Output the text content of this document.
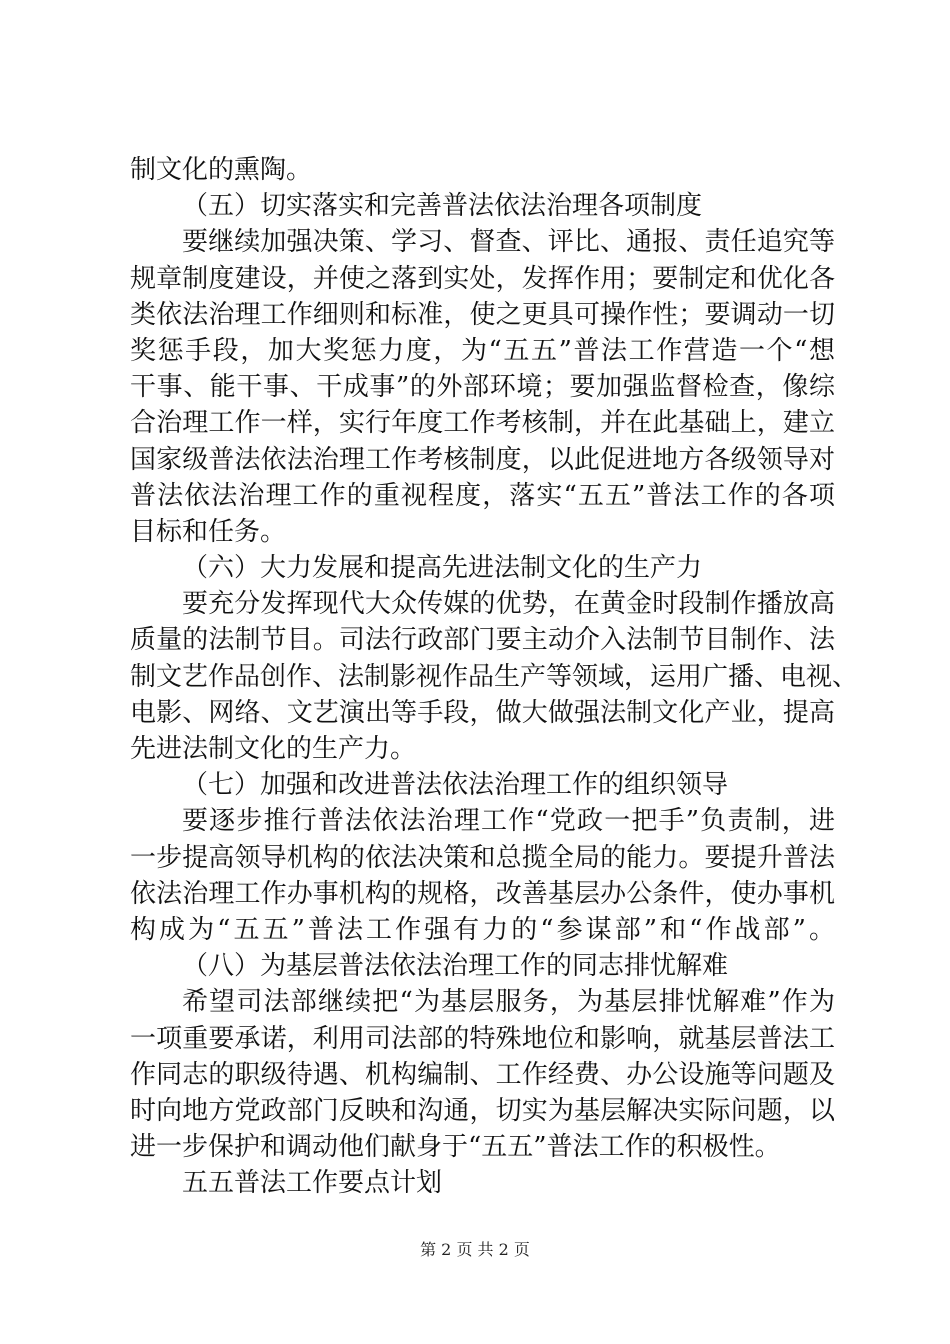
制文化的熏陶。
（五）切实落实和完善普法依法治理各项制度
要继续加强决策、学习、督查、评比、通报、责任追究等
规章制度建设，并使之落到实处，发挥作用；要制定和优化各
类依法治理工作细则和标准，使之更具可操作性；要调动一切
奖惩手段，加大奖惩力度，为“五五”普法工作营造一个“想
干事、能干事、干成事”的外部环境；要加强监督检查，像综
合治理工作一样，实行年度工作考核制，并在此基础上，建立
国家级普法依法治理工作考核制度，以此促进地方各级领导对
普法依法治理工作的重视程度，落实“五五”普法工作的各项
目标和任务。
（六）大力发展和提高先进法制文化的生产力
要充分发挥现代大众传媒的优势，在黄金时段制作播放高
质量的法制节目。司法行政部门要主动介入法制节目制作、法
制文艺作品创作、法制影视作品生产等领域，运用广播、电视、
电影、网络、文艺演出等手段，做大做强法制文化产业，提高
先进法制文化的生产力。
（七）加强和改进普法依法治理工作的组织领导
要逐步推行普法依法治理工作“党政一把手”负责制，进
一步提高领导机构的依法决策和总揽全局的能力。要提升普法
依法治理工作办事机构的规格，改善基层办公条件，使办事机
构成为“五五”普法工作强有力的“参谋部”和“作战部”。
（八）为基层普法依法治理工作的同志排忧解难
希望司法部继续把“为基层服务，为基层排忧解难”作为
一项重要承诺，利用司法部的特殊地位和影响，就基层普法工
作同志的职级待遇、机构编制、工作经费、办公设施等问题及
时向地方党政部门反映和沟通，切实为基层解决实际问题，以
进一步保护和调动他们献身于“五五”普法工作的积极性。
五五普法工作要点计划
第 2 页 共 2 页
